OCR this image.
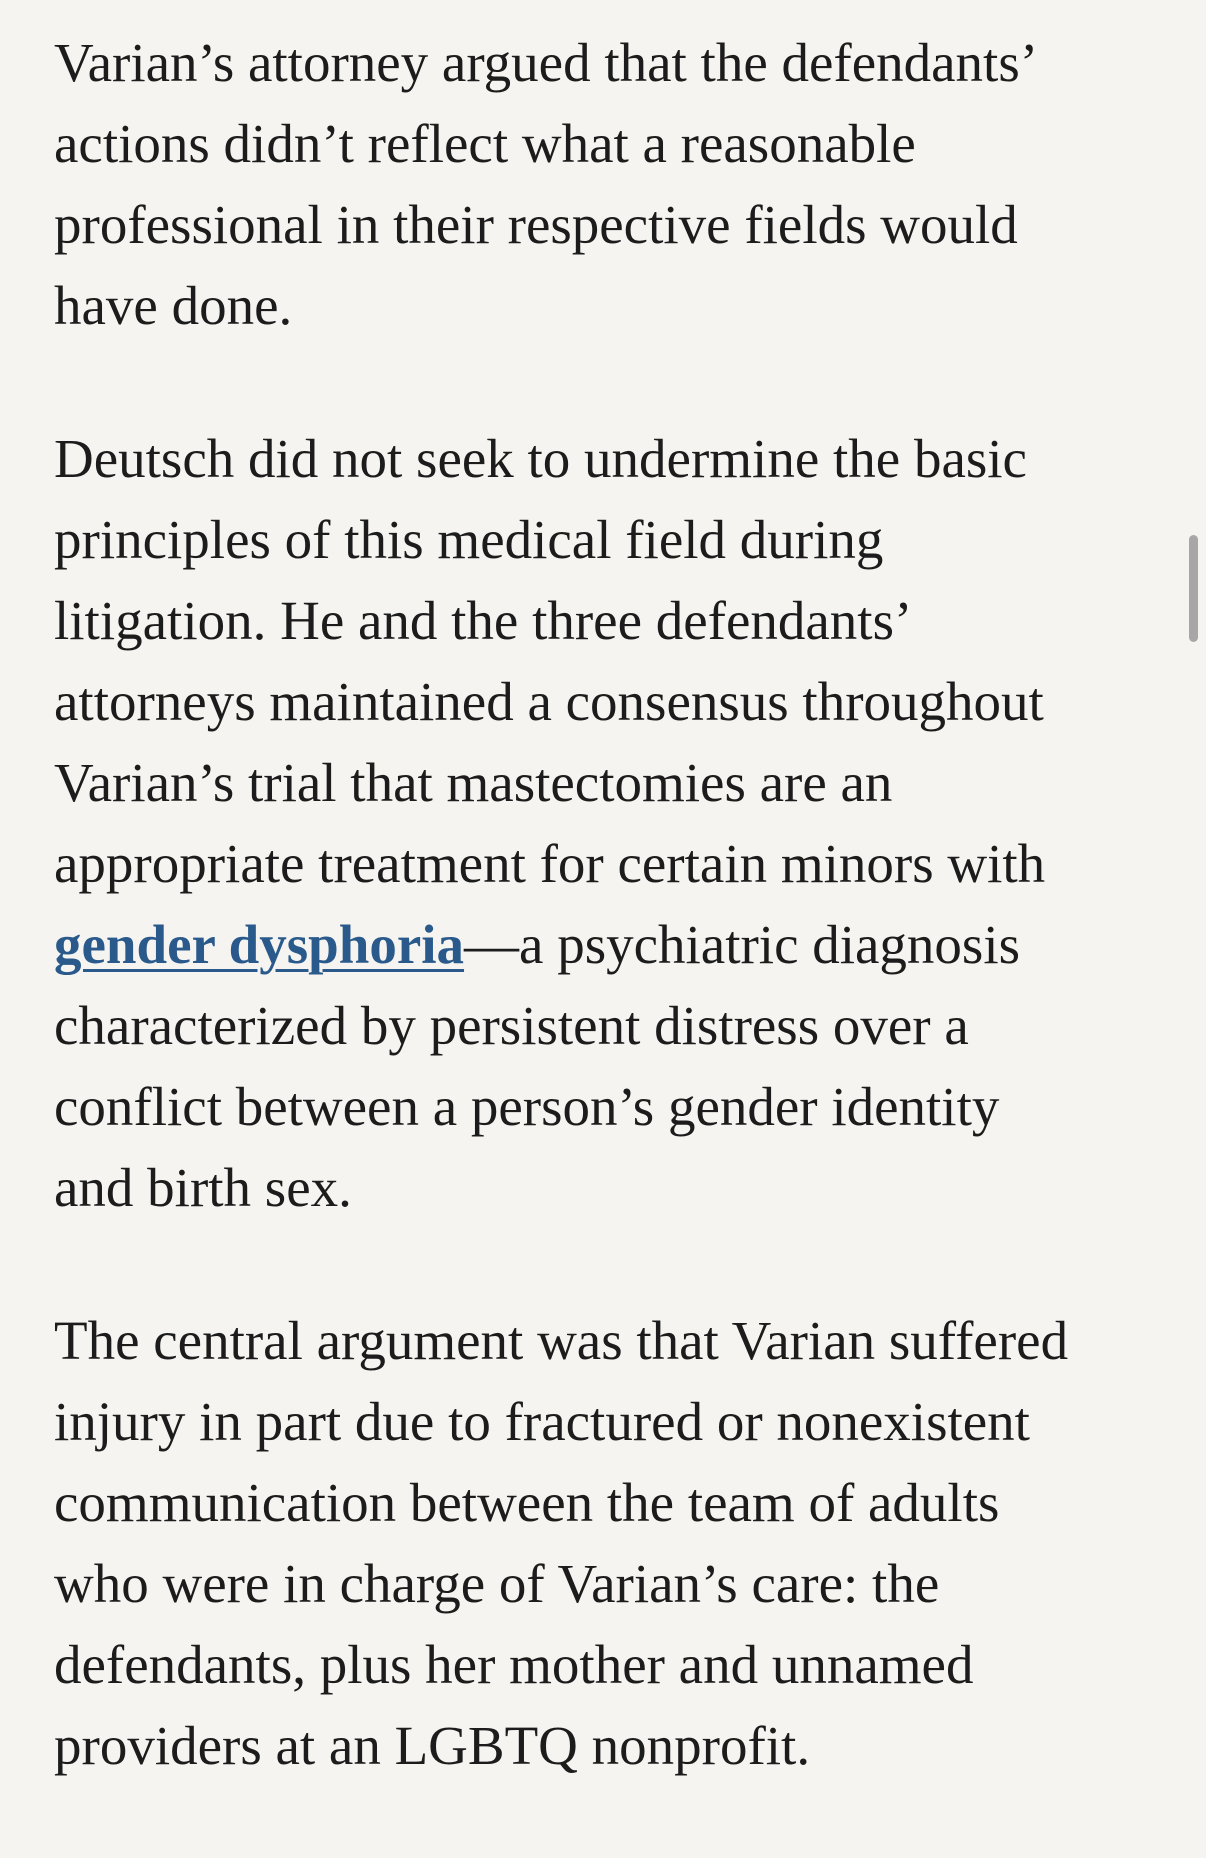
Varian’s attorney argued that the defendants’
actions didn’t reflect what a reasonable
professional in their respective fields would
have done.

Deutsch did not seek to undermine the basic
principles of this medical field during
litigation. He and the three defendants’
attorneys maintained a consensus throughout
Varian’s trial that mastectomies are an
appropriate treatment for certain minors with
gender dysphoria—a psychiatric diagnosis
characterized by persistent distress over a
conflict between a person’s gender identity
and birth sex.

The central argument was that Varian suffered
injury in part due to fractured or nonexistent
communication between the team of adults
who were in charge of Varian’s care: the
defendants, plus her mother and unnamed
providers at an LGBTQ nonprofit.
